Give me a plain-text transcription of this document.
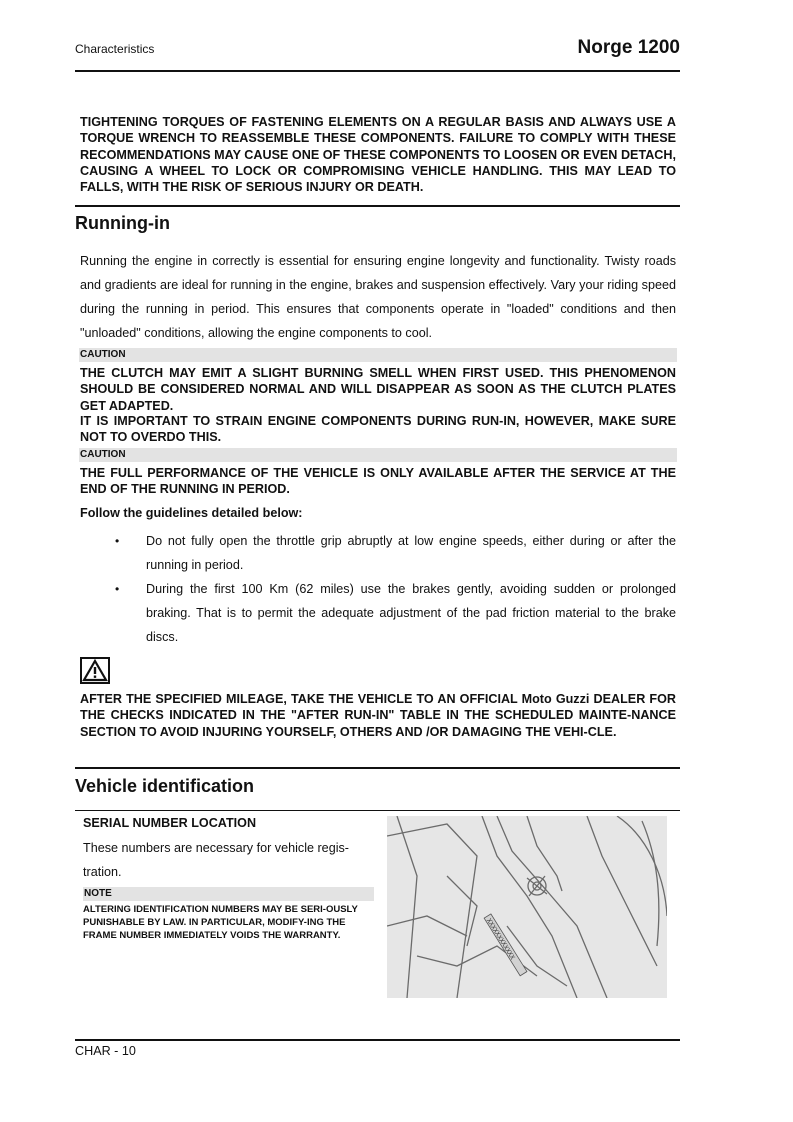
Characteristics	Norge 1200
TIGHTENING TORQUES OF FASTENING ELEMENTS ON A REGULAR BASIS AND ALWAYS USE A TORQUE WRENCH TO REASSEMBLE THESE COMPONENTS. FAILURE TO COMPLY WITH THESE RECOMMENDATIONS MAY CAUSE ONE OF THESE COMPONENTS TO LOOSEN OR EVEN DETACH, CAUSING A WHEEL TO LOCK OR COMPROMISING VEHICLE HANDLING. THIS MAY LEAD TO FALLS, WITH THE RISK OF SERIOUS INJURY OR DEATH.
Running-in
Running the engine in correctly is essential for ensuring engine longevity and functionality. Twisty roads and gradients are ideal for running in the engine, brakes and suspension effectively. Vary your riding speed during the running in period. This ensures that components operate in "loaded" conditions and then "unloaded" conditions, allowing the engine components to cool.
CAUTION
THE CLUTCH MAY EMIT A SLIGHT BURNING SMELL WHEN FIRST USED. THIS PHENOMENON SHOULD BE CONSIDERED NORMAL AND WILL DISAPPEAR AS SOON AS THE CLUTCH PLATES GET ADAPTED.
IT IS IMPORTANT TO STRAIN ENGINE COMPONENTS DURING RUN-IN, HOWEVER, MAKE SURE NOT TO OVERDO THIS.
CAUTION
THE FULL PERFORMANCE OF THE VEHICLE IS ONLY AVAILABLE AFTER THE SERVICE AT THE END OF THE RUNNING IN PERIOD.
Follow the guidelines detailed below:
• Do not fully open the throttle grip abruptly at low engine speeds, either during or after the running in period.
• During the first 100 Km (62 miles) use the brakes gently, avoiding sudden or prolonged braking. That is to permit the adequate adjustment of the pad friction material to the brake discs.
AFTER THE SPECIFIED MILEAGE, TAKE THE VEHICLE TO AN OFFICIAL Moto Guzzi DEALER FOR THE CHECKS INDICATED IN THE "AFTER RUN-IN" TABLE IN THE SCHEDULED MAINTE-NANCE SECTION TO AVOID INJURING YOURSELF, OTHERS AND /OR DAMAGING THE VEHI-CLE.
Vehicle identification
SERIAL NUMBER LOCATION
These numbers are necessary for vehicle regis-tration.
NOTE
ALTERING IDENTIFICATION NUMBERS MAY BE SERI-OUSLY PUNISHABLE BY LAW. IN PARTICULAR, MODIFY-ING THE FRAME NUMBER IMMEDIATELY VOIDS THE WARRANTY.	XXXXXXXXXXXX
CHAR - 10
